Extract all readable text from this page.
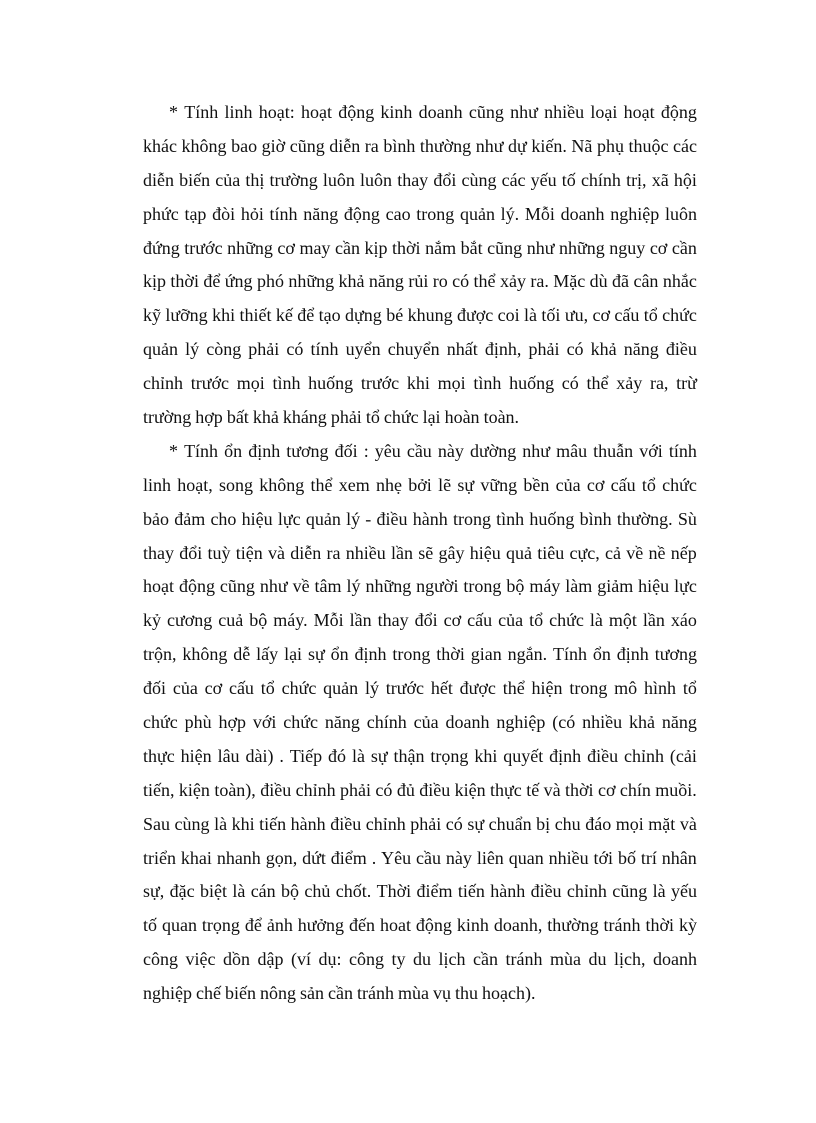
* Tính linh hoạt: hoạt động kinh doanh cũng như nhiều loại hoạt động
khác không bao giờ cũng diễn ra bình thường như dự kiến. Nã phụ thuộc các
diễn biến của thị trường luôn luôn thay đổi cùng các yếu tố chính trị, xã hội
phức tạp đòi hỏi tính năng động cao trong quản lý. Mỗi doanh nghiệp luôn
đứng trước những cơ may cần kịp thời nắm bắt cũng như những nguy cơ cần
kịp thời để ứng phó những khả năng rủi ro có thể xảy ra. Mặc dù đã cân nhắc
kỹ lưỡng khi thiết kế để tạo dựng bé khung được coi là tối ưu, cơ cấu tổ chức
quản lý còng phải có tính uyển chuyển nhất định, phải có khả năng điều
chỉnh trước mọi tình huống trước khi mọi tình huống có thể xảy ra, trừ
trường hợp bất khả kháng phải tổ chức lại hoàn toàn.
* Tính ổn định tương đối : yêu cầu này dường như mâu thuẫn với tính
linh hoạt, song không thể xem nhẹ bởi lẽ sự vững bền của cơ cấu tổ chức
bảo đảm cho hiệu lực quản lý - điều hành trong tình huống bình thường. Sù
thay đổi tuỳ tiện và diễn ra nhiều lần sẽ gây hiệu quả tiêu cực, cả về nề nếp
hoạt động cũng như về tâm lý những người trong bộ máy làm giảm hiệu lực
kỷ cương cuả bộ máy. Mỗi lần thay đổi cơ cấu của tổ chức là một lần xáo
trộn, không dễ lấy lại sự ổn định trong thời gian ngắn. Tính ổn định tương
đối của cơ cấu tổ chức quản lý trước hết được thể hiện trong mô hình tổ
chức phù hợp với chức năng chính của doanh nghiệp (có nhiều khả năng
thực hiện lâu dài) . Tiếp đó là sự thận trọng khi quyết định điều chỉnh (cải
tiến, kiện toàn), điều chỉnh phải có đủ điều kiện thực tế và thời cơ chín muồi.
Sau cùng là khi tiến hành điều chỉnh phải có sự chuẩn bị chu đáo mọi mặt và
triển khai nhanh gọn, dứt điểm . Yêu cầu này liên quan nhiều tới bố trí nhân
sự, đặc biệt là cán bộ chủ chốt. Thời điểm tiến hành điều chỉnh cũng là yếu
tố quan trọng để ảnh hưởng đến hoat động kinh doanh, thường tránh thời kỳ
công việc dồn dập (ví dụ: công ty du lịch cần tránh mùa du lịch, doanh
nghiệp chế biến nông sản cần tránh mùa vụ thu hoạch).
